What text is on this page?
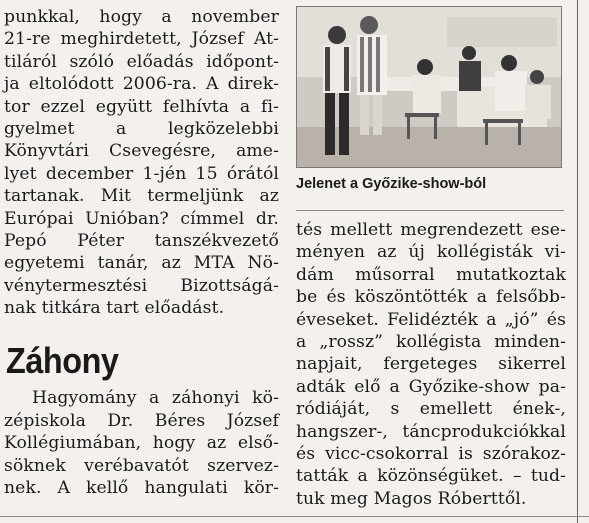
punkkal, hogy a november
21-re meghirdetett, József At-
tiláról szóló előadás időpont-
ja eltolódott 2006-ra. A direk-
tor ezzel együtt felhívta a fi-
gyelmet a legközelebbi
Könyvtári Csevegésre, ame-
lyet december 1-jén 15 órától
tartanak. Mit termeljünk az
Európai Unióban? címmel dr.
Pepó Péter tanszékvezető
egyetemi tanár, az MTA Nö-
vénytermesztési Bizottságá-
nak titkára tart előadást.
Záhony
Hagyomány a záhonyi kö-
zépiskola Dr. Béres József
Kollégiumában, hogy az első-
söknek verébavatót szervez-
nek. A kellő hangulati kör-
Jelenet a Győzike-show-ból
tés mellett megrendezett ese-
ményen az új kollégisták vi-
dám műsorral mutatkoztak
be és köszöntötték a felsőbb-
éveseket. Felidézték a „jó” és
a „rossz” kollégista minden-
napjait, fergeteges sikerrel
adták elő a Győzike-show pa-
ródiáját, s emellett ének-,
hangszer-, táncprodukciókkal
és vicc-csokorral is szórakoz-
tatták a közönségüket. – tud-
tuk meg Magos Róberttől.
